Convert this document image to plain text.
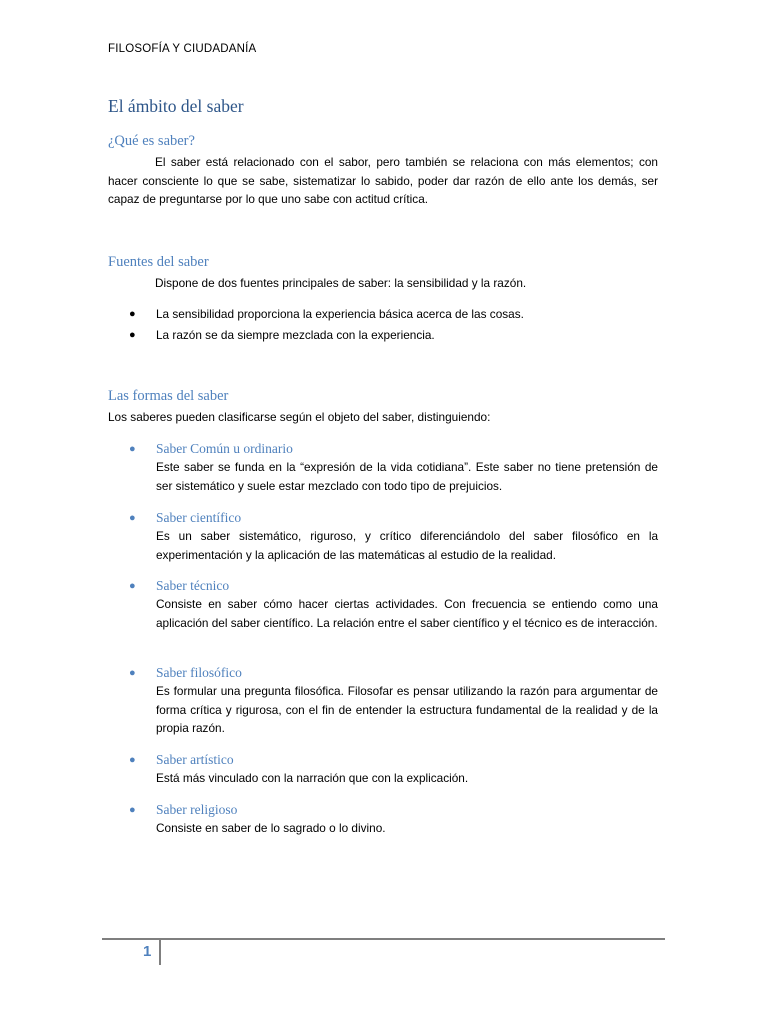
FILOSOFÍA Y CIUDADANÍA
El ámbito del saber
¿Qué es saber?

El saber está relacionado con el sabor, pero también se relaciona con más elementos; con hacer consciente lo que se sabe, sistematizar lo sabido, poder dar razón de ello ante los demás, ser capaz de preguntarse por lo que uno sabe con actitud crítica.

Fuentes del saber

Dispone de dos fuentes principales de saber: la sensibilidad y la razón.

● La sensibilidad proporciona la experiencia básica acerca de las cosas.
● La razón se da siempre mezclada con la experiencia.
Las formas del saber

Los saberes pueden clasificarse según el objeto del saber, distinguiendo:

● Saber Común u ordinario
Este saber se funda en la “expresión de la vida cotidiana”. Este saber no tiene pretensión de ser sistemático y suele estar mezclado con todo tipo de prejuicios.
● Saber científico
Es un saber sistemático, riguroso, y crítico diferenciándolo del saber filosófico en la experimentación y la aplicación de las matemáticas al estudio de la realidad.
● Saber técnico
Consiste en saber cómo hacer ciertas actividades. Con frecuencia se entiendo como una aplicación del saber científico. La relación entre el saber científico y el técnico es de interacción.
● Saber filosófico
Es formular una pregunta filosófica. Filosofar es pensar utilizando la razón para argumentar de forma crítica y rigurosa, con el fin de entender la estructura fundamental de la realidad y de la propia razón.
● Saber artístico
Está más vinculado con la narración que con la explicación.
● Saber religioso
Consiste en saber de lo sagrado o lo divino.
1
